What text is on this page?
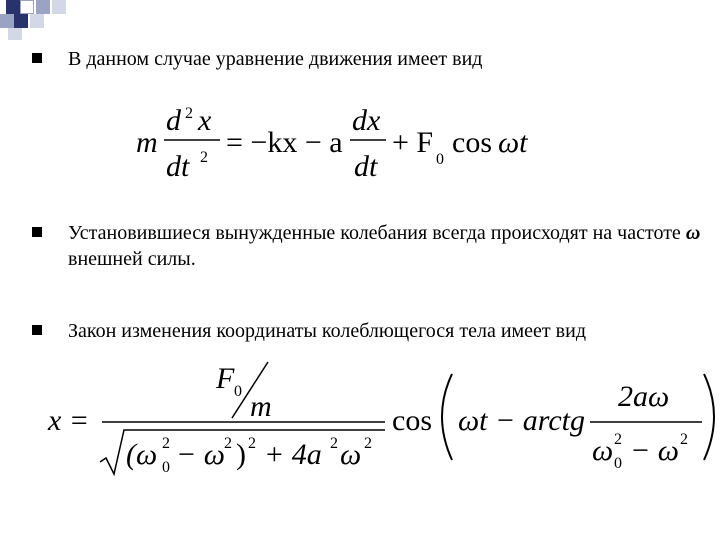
В данном случае уравнение движения имеет вид
m
d 2 x
dt 2 = −kx − a
dx
dt
+ F
0
cos ωt
Установившиеся вынужденные колебания всегда происходят на частоте ω внешней силы.
Закон изменения координаты колеблющегося тела имеет вид
x =
F 0 m
(ω 2
0 − ω 2 ) 2 + 4a 2 ω 2
cos ωt − arctg
2aω
ω 2
0 − ω 2
